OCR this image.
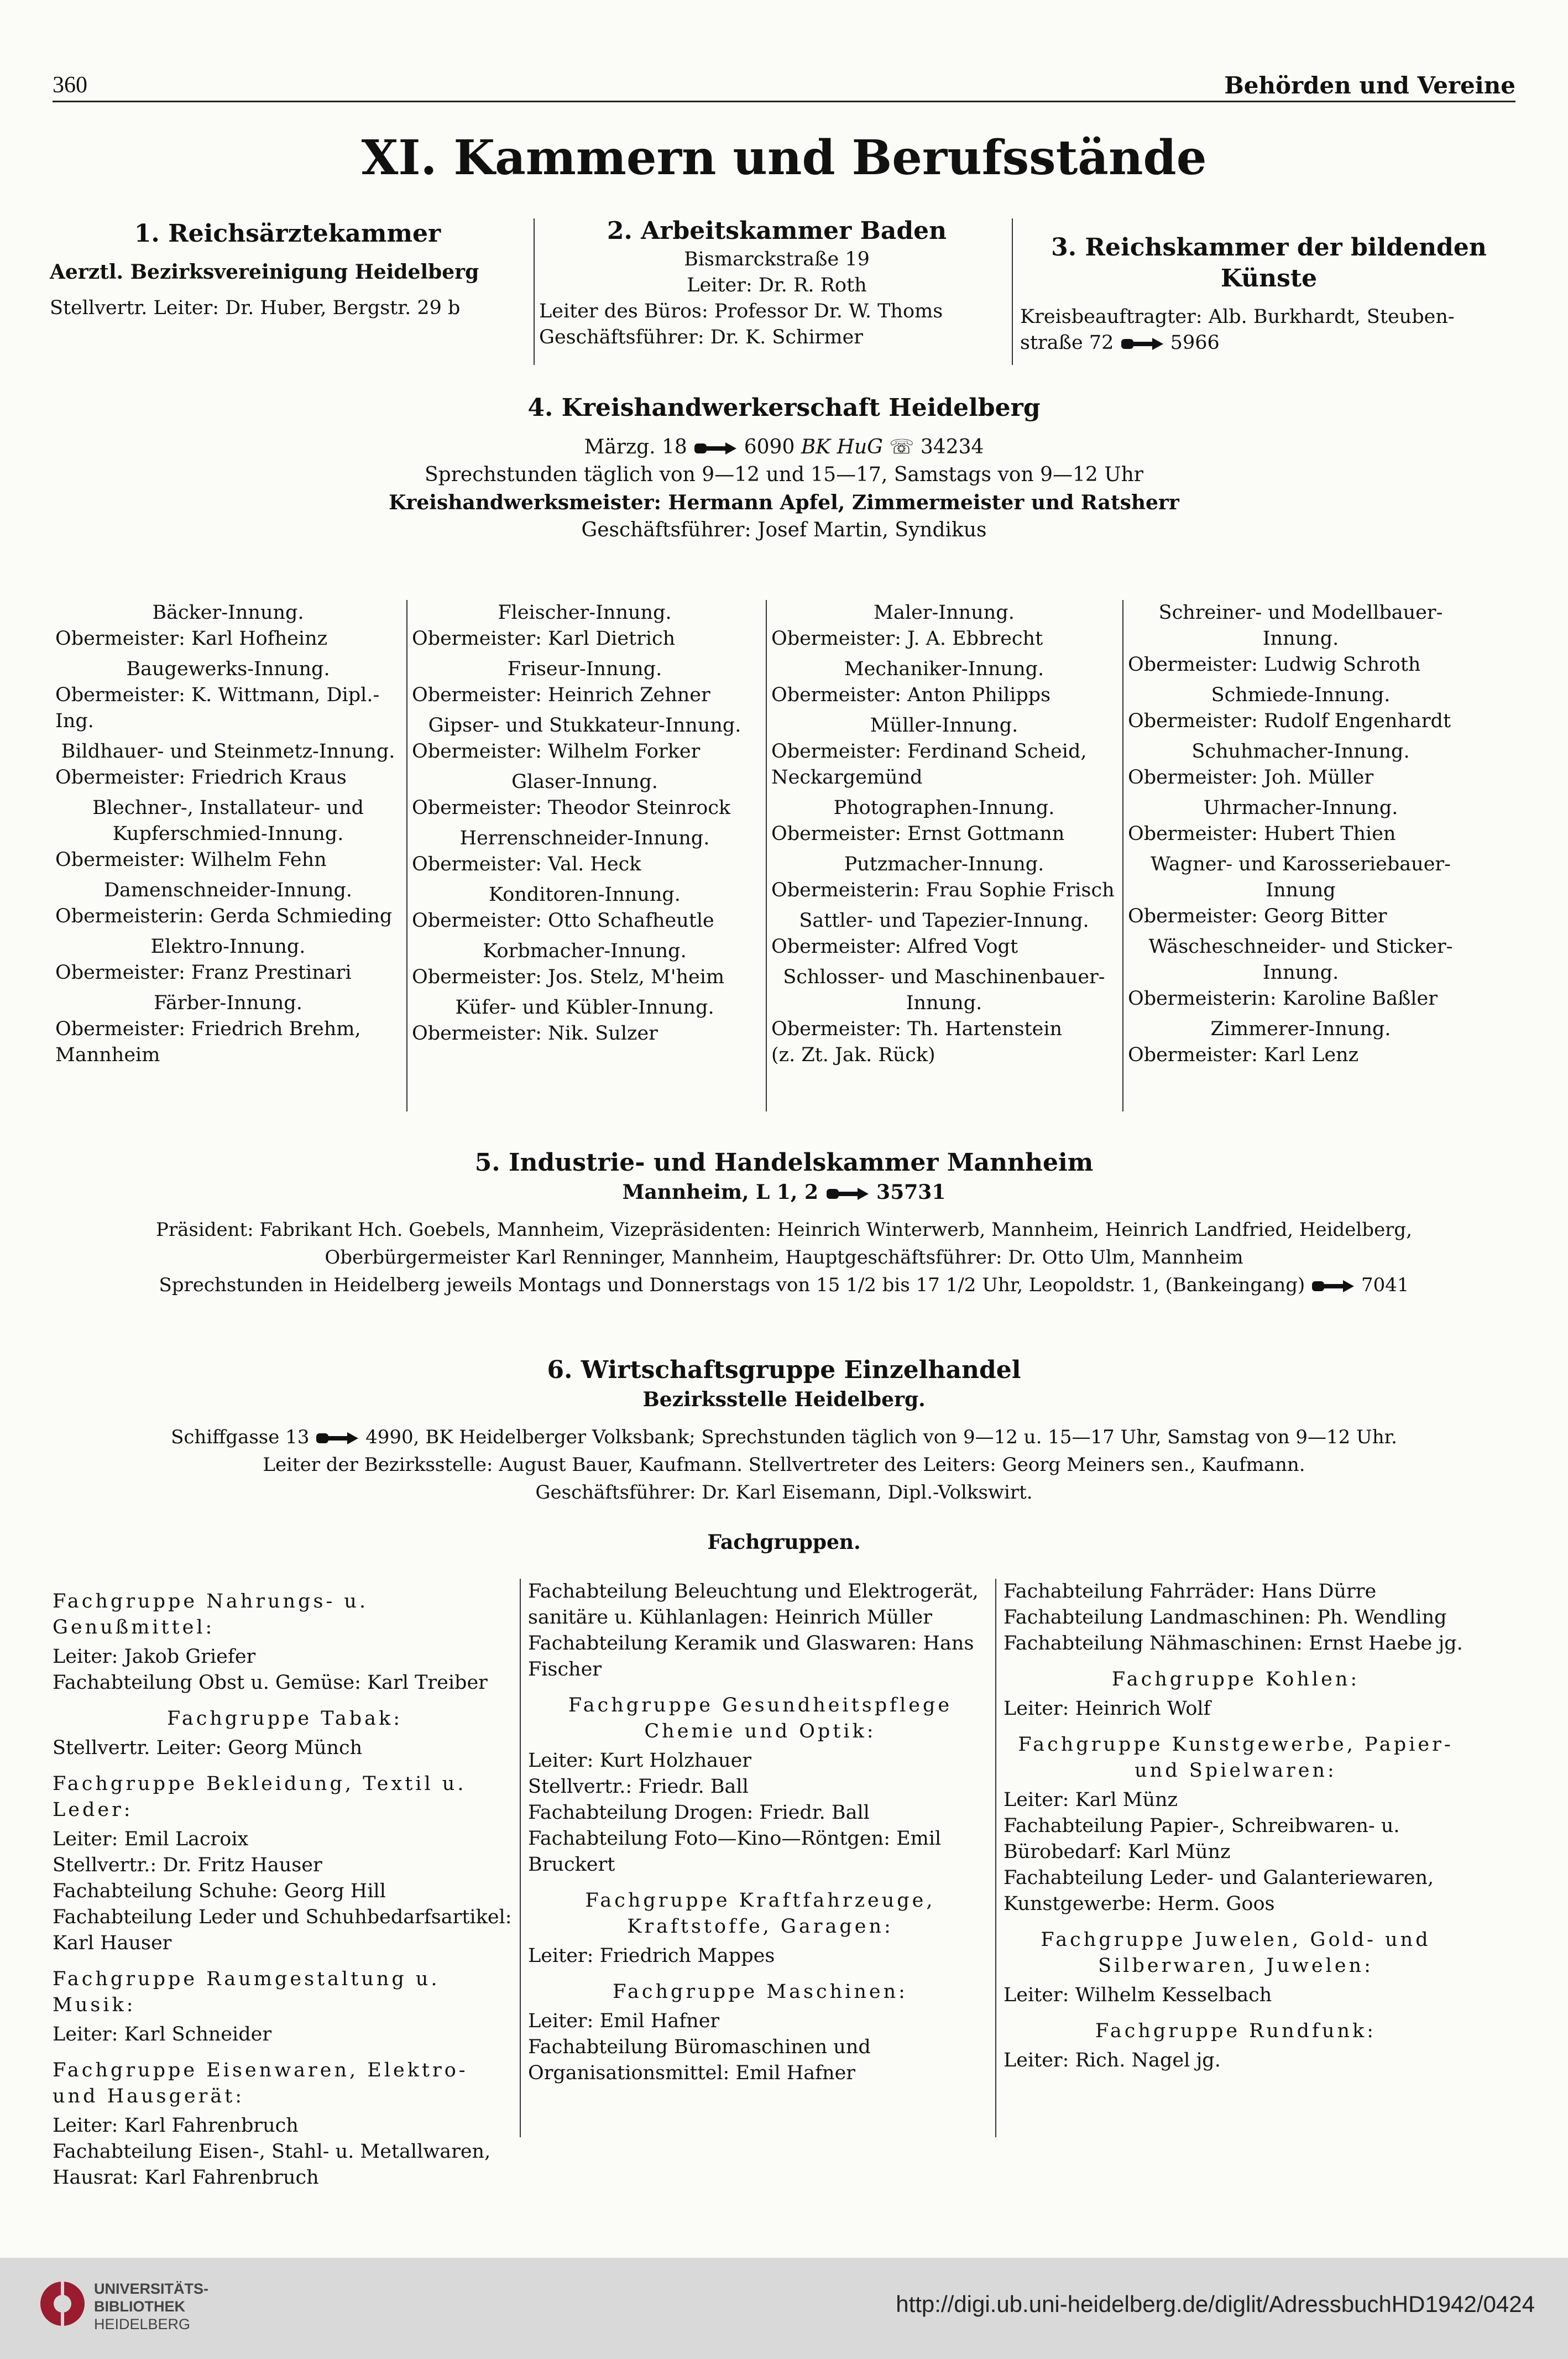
360	Behörden und Vereine
XI. Kammern und Berufsstände
1. Reichsärztekammer
Aerztl. Bezirksvereinigung Heidelberg
Stellvertr. Leiter: Dr. Huber, Bergstr. 29 b
2. Arbeitskammer Baden
Bismarckstraße 19
Leiter: Dr. R. Roth
Leiter des Büros: Professor Dr. W. Thoms
Geschäftsführer: Dr. K. Schirmer
3. Reichskammer der bildenden Künste
Kreisbeauftragter: Alb. Burkhardt, Steuben-
straße 72	5966
4. Kreishandwerkerschaft Heidelberg
Märzg. 18	6090 BK HuG ☏ 34234
Sprechstunden täglich von 9—12 und 15—17, Samstags von 9—12 Uhr
Kreishandwerksmeister: Hermann Apfel, Zimmermeister und Ratsherr
Geschäftsführer: Josef Martin, Syndikus
Bäcker-Innung.
Obermeister: Karl Hofheinz
Baugewerks-Innung.
Obermeister: K. Wittmann, Dipl.-Ing.
Bildhauer- und Steinmetz-Innung.
Obermeister: Friedrich Kraus
Blechner-, Installateur- und Kupferschmied-Innung.
Obermeister: Wilhelm Fehn
Damenschneider-Innung.
Obermeisterin: Gerda Schmieding
Elektro-Innung.
Obermeister: Franz Prestinari
Färber-Innung.
Obermeister: Friedrich Brehm, Mannheim
Fleischer-Innung.
Obermeister: Karl Dietrich
Friseur-Innung.
Obermeister: Heinrich Zehner
Gipser- und Stukkateur-Innung.
Obermeister: Wilhelm Forker
Glaser-Innung.
Obermeister: Theodor Steinrock
Herrenschneider-Innung.
Obermeister: Val. Heck
Konditoren-Innung.
Obermeister: Otto Schafheutle
Korbmacher-Innung.
Obermeister: Jos. Stelz, M'heim
Küfer- und Kübler-Innung.
Obermeister: Nik. Sulzer
Maler-Innung.
Obermeister: J. A. Ebbrecht
Mechaniker-Innung.
Obermeister: Anton Philipps
Müller-Innung.
Obermeister: Ferdinand Scheid, Neckargemünd
Photographen-Innung.
Obermeister: Ernst Gottmann
Putzmacher-Innung.
Obermeisterin: Frau Sophie Frisch
Sattler- und Tapezier-Innung.
Obermeister: Alfred Vogt
Schlosser- und Maschinenbauer-Innung.
Obermeister: Th. Hartenstein
(z. Zt. Jak. Rück)
Schreiner- und Modellbauer-Innung.
Obermeister: Ludwig Schroth
Schmiede-Innung.
Obermeister: Rudolf Engenhardt
Schuhmacher-Innung.
Obermeister: Joh. Müller
Uhrmacher-Innung.
Obermeister: Hubert Thien
Wagner- und Karosseriebauer-Innung
Obermeister: Georg Bitter
Wäscheschneider- und Sticker-Innung.
Obermeisterin: Karoline Baßler
Zimmerer-Innung.
Obermeister: Karl Lenz
5. Industrie- und Handelskammer Mannheim
Mannheim, L 1, 2	35731
Präsident: Fabrikant Hch. Goebels, Mannheim, Vizepräsidenten: Heinrich Winterwerb, Mannheim, Heinrich Landfried, Heidelberg,
Oberbürgermeister Karl Renninger, Mannheim, Hauptgeschäftsführer: Dr. Otto Ulm, Mannheim
Sprechstunden in Heidelberg jeweils Montags und Donnerstags von 15 1/2 bis 17 1/2 Uhr, Leopoldstr. 1, (Bankeingang)	7041
6. Wirtschaftsgruppe Einzelhandel
Bezirksstelle Heidelberg.
Schiffgasse 13	4990, BK Heidelberger Volksbank; Sprechstunden täglich von 9—12 u. 15—17 Uhr, Samstag von 9—12 Uhr.
Leiter der Bezirksstelle: August Bauer, Kaufmann. Stellvertreter des Leiters: Georg Meiners sen., Kaufmann.
Geschäftsführer: Dr. Karl Eisemann, Dipl.-Volkswirt.
Fachgruppen.
Fachgruppe Nahrungs- u. Genußmittel:
Leiter: Jakob Griefer
Fachabteilung Obst u. Gemüse: Karl Treiber
Fachgruppe Tabak:
Stellvertr. Leiter: Georg Münch
Fachgruppe Bekleidung, Textil u. Leder:
Leiter: Emil Lacroix
Stellvertr.: Dr. Fritz Hauser
Fachabteilung Schuhe: Georg Hill
Fachabteilung Leder und Schuhbedarfsartikel: Karl Hauser
Fachgruppe Raumgestaltung u. Musik:
Leiter: Karl Schneider
Fachgruppe Eisenwaren, Elektro- und Hausgerät:
Leiter: Karl Fahrenbruch
Fachabteilung Eisen-, Stahl- u. Metallwaren, Hausrat: Karl Fahrenbruch
Fachabteilung Beleuchtung und Elektrogerät, sanitäre u. Kühlanlagen: Heinrich Müller
Fachabteilung Keramik und Glaswaren: Hans Fischer
Fachgruppe Gesundheitspflege Chemie und Optik:
Leiter: Kurt Holzhauer
Stellvertr.: Friedr. Ball
Fachabteilung Drogen: Friedr. Ball
Fachabteilung Foto—Kino—Röntgen: Emil Bruckert
Fachgruppe Kraftfahrzeuge, Kraftstoffe, Garagen:
Leiter: Friedrich Mappes
Fachgruppe Maschinen:
Leiter: Emil Hafner
Fachabteilung Büromaschinen und Organisationsmittel: Emil Hafner
Fachabteilung Fahrräder: Hans Dürre
Fachabteilung Landmaschinen: Ph. Wendling
Fachabteilung Nähmaschinen: Ernst Haebe jg.
Fachgruppe Kohlen:
Leiter: Heinrich Wolf
Fachgruppe Kunstgewerbe, Papier- und Spielwaren:
Leiter: Karl Münz
Fachabteilung Papier-, Schreibwaren- u. Bürobedarf: Karl Münz
Fachabteilung Leder- und Galanteriewaren, Kunstgewerbe: Herm. Goos
Fachgruppe Juwelen, Gold- und Silberwaren, Juwelen:
Leiter: Wilhelm Kesselbach
Fachgruppe Rundfunk:
Leiter: Rich. Nagel jg.
UNIVERSITÄTS-
BIBLIOTHEK
HEIDELBERG
http://digi.ub.uni-heidelberg.de/diglit/AdressbuchHD1942/0424
